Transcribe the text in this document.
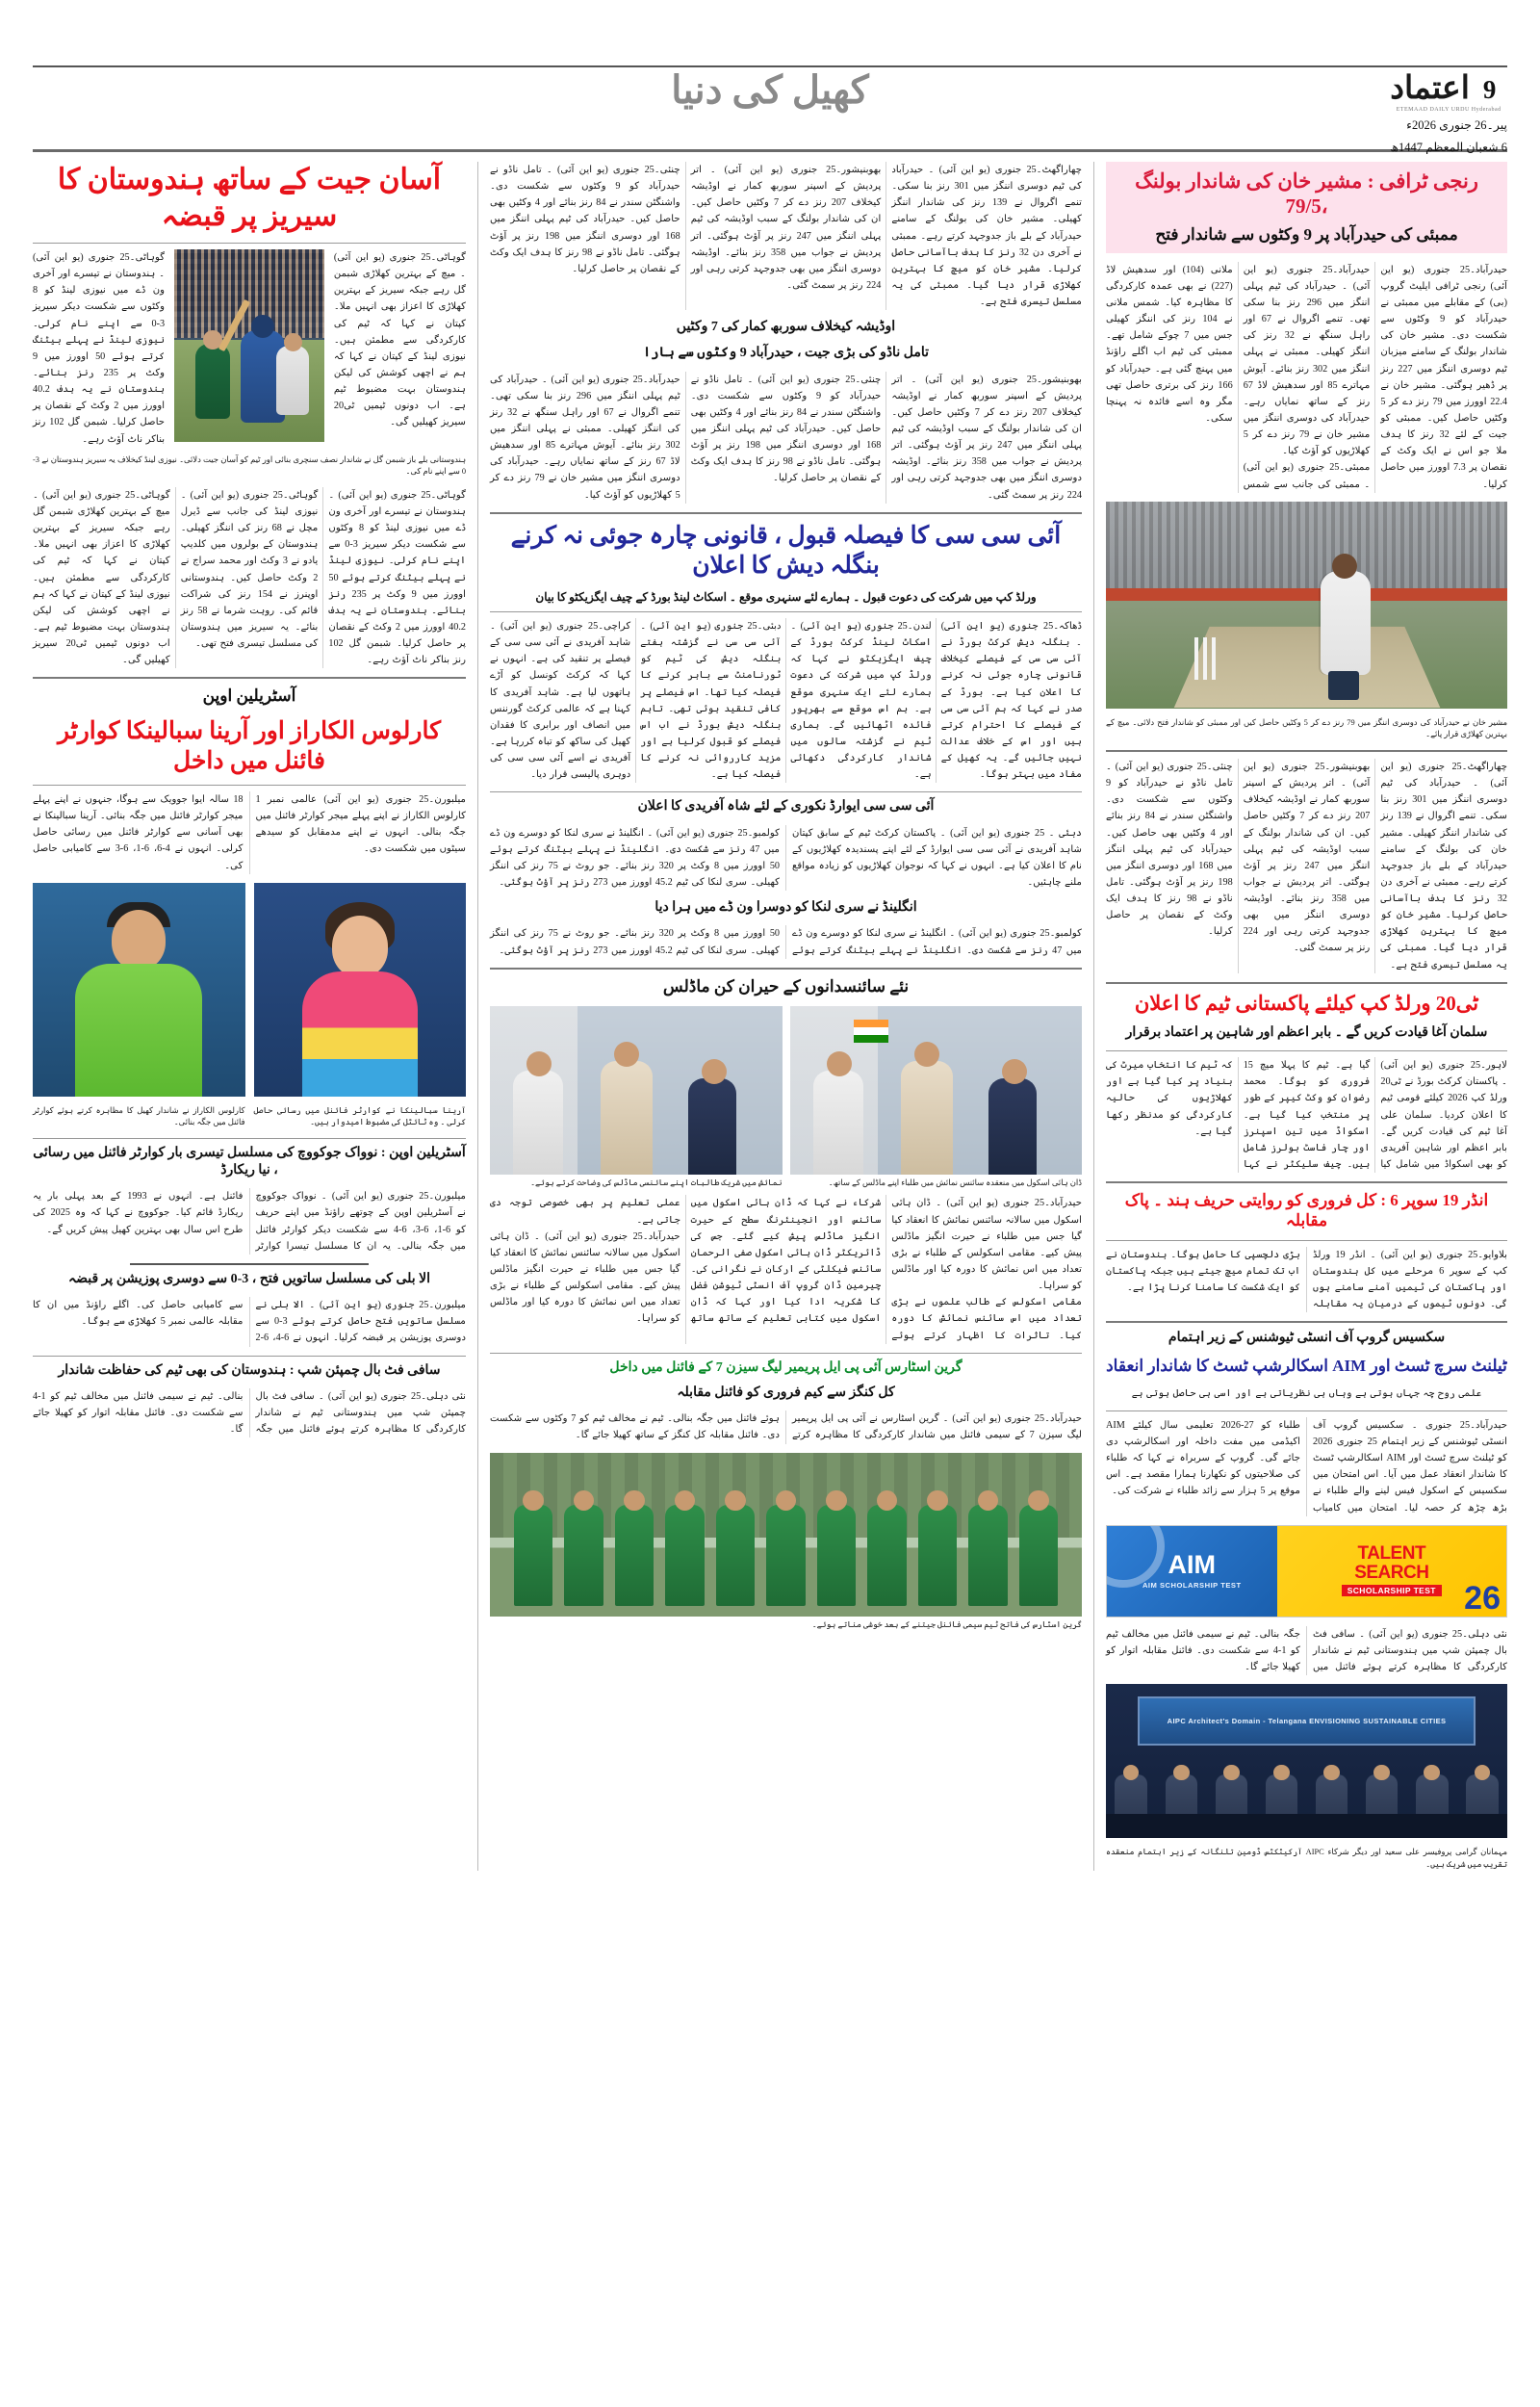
کھیل کی دنیا	اعتماد 9
ETEMAAD DAILY URDU Hyderabad
پیر۔26 جنوری 2026ء
6 شعبان المعظم 1447ھ
رنجی ٹرافی : مشیر خان کی شاندار بولنگ ،79/5
ممبئی کی حیدرآباد پر 9 وکٹوں سے شاندار فتح

حیدرآباد۔25 جنوری (یو این آئی) رنجی ٹرافی ایلیٹ گروپ (بی) کے مقابلے میں ممبئی نے حیدرآباد کو 9 وکٹوں سے شکست دی۔ مشیر خان کی شاندار بولنگ کے سامنے میزبان ٹیم دوسری اننگز میں 227 رنز پر ڈھیر ہوگئی۔ مشیر خان نے 22.4 اوورز میں 79 رنز دے کر 5 وکٹیں حاصل کیں۔ ممبئی کو جیت کے لئے 32 رنز کا ہدف ملا جو اس نے ایک وکٹ کے نقصان پر 7.3 اوورز میں حاصل کرلیا۔

حیدرآباد۔25 جنوری (یو این آئی) ۔ حیدرآباد کی ٹیم پہلی اننگز میں 296 رنز بنا سکی تھی۔ تنمے اگروال نے 67 اور راہل سنگھ نے 32 رنز کی اننگز کھیلی۔ ممبئی نے پہلی اننگز میں 302 رنز بنائے۔ آیوش مہاترے 85 اور سدھیش لاڈ 67 رنز کے ساتھ نمایاں رہے۔ حیدرآباد کی دوسری اننگز میں مشیر خان نے 79 رنز دے کر 5 کھلاڑیوں کو آؤٹ کیا۔

ممبئی۔25 جنوری (یو این آئی) ۔ ممبئی کی جانب سے شمس ملانی (104) اور سدھیش لاڈ (227) نے بھی عمدہ کارکردگی کا مظاہرہ کیا۔ شمس ملانی نے 104 رنز کی اننگز کھیلی جس میں 7 چوکے شامل تھے۔ ممبئی کی ٹیم اب اگلے راؤنڈ میں پہنچ گئی ہے۔ حیدرآباد کو 166 رنز کی برتری حاصل تھی مگر وہ اسے فائدہ نہ پہنچا سکی۔

مشیر خان نے حیدرآباد کی دوسری اننگز میں 79 رنز دے کر 5 وکٹیں حاصل کیں اور ممبئی کو شاندار فتح دلائی۔ میچ کے بہترین کھلاڑی قرار پائے۔

چھاراگھٹ۔25 جنوری (یو این آئی) ۔ حیدرآباد کی ٹیم دوسری اننگز میں 301 رنز بنا سکی۔ تنمے اگروال نے 139 رنز کی شاندار اننگز کھیلی۔ مشیر خان کی بولنگ کے سامنے حیدرآباد کے بلے باز جدوجہد کرتے رہے۔ ممبئی نے آخری دن 32 رنز کا ہدف باآسانی حاصل کرلیا۔ مشیر خان کو میچ کا بہترین کھلاڑی قرار دیا گیا۔ ممبئی کی یہ مسلسل تیسری فتح ہے۔

بھوبنیشور۔25 جنوری (یو این آئی) ۔ اتر پردیش کے اسپنر سوربھ کمار نے اوڈیشہ کیخلاف 207 رنز دے کر 7 وکٹیں حاصل کیں۔ ان کی شاندار بولنگ کے سبب اوڈیشہ کی ٹیم پہلی اننگز میں 247 رنز پر آؤٹ ہوگئی۔ اتر پردیش نے جواب میں 358 رنز بنائے۔ اوڈیشہ دوسری اننگز میں بھی جدوجہد کرتی رہی اور 224 رنز پر سمٹ گئی۔

چنئی۔25 جنوری (یو این آئی) ۔ تامل ناڈو نے حیدرآباد کو 9 وکٹوں سے شکست دی۔ واشنگٹن سندر نے 84 رنز بنائے اور 4 وکٹیں بھی حاصل کیں۔ حیدرآباد کی ٹیم پہلی اننگز میں 168 اور دوسری اننگز میں 198 رنز پر آؤٹ ہوگئی۔ تامل ناڈو نے 98 رنز کا ہدف ایک وکٹ کے نقصان پر حاصل کرلیا۔

ٹی20 ورلڈ کپ کیلئے پاکستانی ٹیم کا اعلان
سلمان آغا قیادت کریں گے ۔ بابر اعظم اور شاہین پر اعتماد برقرار

لاہور۔25 جنوری (یو این آئی) ۔ پاکستان کرکٹ بورڈ نے ٹی20 ورلڈ کپ 2026 کیلئے قومی ٹیم کا اعلان کردیا۔ سلمان علی آغا ٹیم کی قیادت کریں گے۔ بابر اعظم اور شاہین آفریدی کو بھی اسکواڈ میں شامل کیا گیا ہے۔ ٹیم کا پہلا میچ 15 فروری کو ہوگا۔ محمد رضوان کو وکٹ کیپر کے طور پر منتخب کیا گیا ہے۔ اسکواڈ میں تین اسپنرز اور چار فاسٹ بولرز شامل ہیں۔ چیف سلیکٹر نے کہا کہ ٹیم کا انتخاب میرٹ کی بنیاد پر کیا گیا ہے اور کھلاڑیوں کی حالیہ کارکردگی کو مدنظر رکھا گیا ہے۔

انڈر 19 سوپر 6 : کل فروری کو روایتی حریف ہند ۔ پاک مقابلہ

بلاوایو۔25 جنوری (یو این آئی) ۔ انڈر 19 ورلڈ کپ کے سوپر 6 مرحلے میں کل ہندوستان اور پاکستان کی ٹیمیں آمنے سامنے ہوں گی۔ دونوں ٹیموں کے درمیان یہ مقابلہ بڑی دلچسپی کا حامل ہوگا۔ ہندوستان نے اب تک تمام میچ جیتے ہیں جبکہ پاکستان کو ایک شکست کا سامنا کرنا پڑا ہے۔

سکسیس گروپ آف انسٹی ٹیوشنس کے زیر اہتمام
ٹیلنٹ سرچ ٹسٹ اور AIM اسکالرشپ ٹسٹ کا شاندار انعقاد
علمی روح چہ جہاں ہوتی ہے وہاں ہی نظریاتی ہے اور اسی ہی حاصل ہوتی ہے

حیدرآباد۔25 جنوری ۔ سکسیس گروپ آف انسٹی ٹیوشنس کے زیر اہتمام 25 جنوری 2026 کو ٹیلنٹ سرچ ٹسٹ اور AIM اسکالرشپ ٹسٹ کا شاندار انعقاد عمل میں آیا۔ اس امتحان میں سکسیس کے اسکول فیس لینے والے طلباء نے بڑھ چڑھ کر حصہ لیا۔ امتحان میں کامیاب طلباء کو 27-2026 تعلیمی سال کیلئے AIM اکیڈمی میں مفت داخلہ اور اسکالرشپ دی جائے گی۔ گروپ کے سربراہ نے کہا کہ طلباء کی صلاحیتوں کو نکھارنا ہمارا مقصد ہے۔ اس موقع پر 5 ہزار سے زائد طلباء نے شرکت کی۔

TALENT
SEARCH
SCHOLARSHIP TEST 26
AIM
AIM SCHOLARSHIP TEST

نئی دہلی۔25 جنوری (یو این آئی) ۔ سافی فٹ بال چمپئن شپ میں ہندوستانی ٹیم نے شاندار کارکردگی کا مظاہرہ کرتے ہوئے فائنل میں جگہ بنالی۔ ٹیم نے سیمی فائنل میں مخالف ٹیم کو 1-4 سے شکست دی۔ فائنل مقابلہ اتوار کو کھیلا جائے گا۔

AIPC Architect's Domain - Telangana ENVISIONING SUSTAINABLE CITIES
مہمانان گرامی پروفیسر علی سعید اور دیگر شرکاء AIPC آرکیٹکٹس ڈومین تلنگانہ کے زیر اہتمام منعقدہ تقریب میں شریک ہیں۔

چھاراگھٹ۔25 جنوری (یو این آئی) ۔ حیدرآباد کی ٹیم دوسری اننگز میں 301 رنز بنا سکی۔ تنمے اگروال نے 139 رنز کی شاندار اننگز کھیلی۔ مشیر خان کی بولنگ کے سامنے حیدرآباد کے بلے باز جدوجہد کرتے رہے۔ ممبئی نے آخری دن 32 رنز کا ہدف باآسانی حاصل کرلیا۔ مشیر خان کو میچ کا بہترین کھلاڑی قرار دیا گیا۔ ممبئی کی یہ مسلسل تیسری فتح ہے۔

بھوبنیشور۔25 جنوری (یو این آئی) ۔ اتر پردیش کے اسپنر سوربھ کمار نے اوڈیشہ کیخلاف 207 رنز دے کر 7 وکٹیں حاصل کیں۔ ان کی شاندار بولنگ کے سبب اوڈیشہ کی ٹیم پہلی اننگز میں 247 رنز پر آؤٹ ہوگئی۔ اتر پردیش نے جواب میں 358 رنز بنائے۔ اوڈیشہ دوسری اننگز میں بھی جدوجہد کرتی رہی اور 224 رنز پر سمٹ گئی۔

چنئی۔25 جنوری (یو این آئی) ۔ تامل ناڈو نے حیدرآباد کو 9 وکٹوں سے شکست دی۔ واشنگٹن سندر نے 84 رنز بنائے اور 4 وکٹیں بھی حاصل کیں۔ حیدرآباد کی ٹیم پہلی اننگز میں 168 اور دوسری اننگز میں 198 رنز پر آؤٹ ہوگئی۔ تامل ناڈو نے 98 رنز کا ہدف ایک وکٹ کے نقصان پر حاصل کرلیا۔

اوڈیشہ کیخلاف سوربھ کمار کی 7 وکٹیں
تامل ناڈو کی بڑی جیت ، حیدرآباد 9 وکٹوں سے ہارا

بھوبنیشور۔25 جنوری (یو این آئی) ۔ اتر پردیش کے اسپنر سوربھ کمار نے اوڈیشہ کیخلاف 207 رنز دے کر 7 وکٹیں حاصل کیں۔ ان کی شاندار بولنگ کے سبب اوڈیشہ کی ٹیم پہلی اننگز میں 247 رنز پر آؤٹ ہوگئی۔ اتر پردیش نے جواب میں 358 رنز بنائے۔ اوڈیشہ دوسری اننگز میں بھی جدوجہد کرتی رہی اور 224 رنز پر سمٹ گئی۔

چنئی۔25 جنوری (یو این آئی) ۔ تامل ناڈو نے حیدرآباد کو 9 وکٹوں سے شکست دی۔ واشنگٹن سندر نے 84 رنز بنائے اور 4 وکٹیں بھی حاصل کیں۔ حیدرآباد کی ٹیم پہلی اننگز میں 168 اور دوسری اننگز میں 198 رنز پر آؤٹ ہوگئی۔ تامل ناڈو نے 98 رنز کا ہدف ایک وکٹ کے نقصان پر حاصل کرلیا۔

حیدرآباد۔25 جنوری (یو این آئی) ۔ حیدرآباد کی ٹیم پہلی اننگز میں 296 رنز بنا سکی تھی۔ تنمے اگروال نے 67 اور راہل سنگھ نے 32 رنز کی اننگز کھیلی۔ ممبئی نے پہلی اننگز میں 302 رنز بنائے۔ آیوش مہاترے 85 اور سدھیش لاڈ 67 رنز کے ساتھ نمایاں رہے۔ حیدرآباد کی دوسری اننگز میں مشیر خان نے 79 رنز دے کر 5 کھلاڑیوں کو آؤٹ کیا۔

آئی سی سی کا فیصلہ قبول ، قانونی چارہ جوئی نہ کرنے بنگلہ دیش کا اعلان
ورلڈ کپ میں شرکت کی دعوت قبول ۔ ہمارے لئے سنہری موقع ۔ اسکاٹ لینڈ بورڈ کے چیف ایگزیکٹو کا بیان

ڈھاکہ۔25 جنوری (یو این آئی) ۔ بنگلہ دیش کرکٹ بورڈ نے آئی سی سی کے فیصلے کیخلاف قانونی چارہ جوئی نہ کرنے کا اعلان کیا ہے۔ بورڈ کے صدر نے کہا کہ ہم آئی سی سی کے فیصلے کا احترام کرتے ہیں اور اس کے خلاف عدالت نہیں جائیں گے۔ یہ کھیل کے مفاد میں بہتر ہوگا۔

لندن۔25 جنوری (یو این آئی) ۔ اسکاٹ لینڈ کرکٹ بورڈ کے چیف ایگزیکٹو نے کہا کہ ورلڈ کپ میں شرکت کی دعوت ہمارے لئے ایک سنہری موقع ہے۔ ہم اس موقع سے بھرپور فائدہ اٹھائیں گے۔ ہماری ٹیم نے گزشتہ سالوں میں شاندار کارکردگی دکھائی ہے۔

دبئی۔25 جنوری (یو این آئی) ۔ آئی سی سی نے گزشتہ ہفتے بنگلہ دیش کی ٹیم کو ٹورنامنٹ سے باہر کرنے کا فیصلہ کیا تھا۔ اس فیصلے پر کافی تنقید ہوئی تھی۔ تاہم بنگلہ دیش بورڈ نے اب اس فیصلے کو قبول کرلیا ہے اور مزید کارروائی نہ کرنے کا فیصلہ کیا ہے۔

کراچی۔25 جنوری (یو این آئی) ۔ شاہد آفریدی نے آئی سی سی کے فیصلے پر تنقید کی ہے۔ انہوں نے کہا کہ کرکٹ کونسل کو آڑے ہاتھوں لیا ہے۔ شاہد آفریدی کا کہنا ہے کہ عالمی کرکٹ گورننس میں انصاف اور برابری کا فقدان کھیل کی ساکھ کو تباہ کررہا ہے۔ آفریدی نے اسے آئی سی سی کی دوہری پالیسی قرار دیا۔

آئی سی سی ایوارڈ نکوری کے لئے شاہ آفریدی کا اعلان

دبئی ۔ 25 جنوری (یو این آئی) ۔ پاکستان کرکٹ ٹیم کے سابق کپتان شاہد آفریدی نے آئی سی سی ایوارڈ کے لئے اپنے پسندیدہ کھلاڑیوں کے نام کا اعلان کیا ہے۔ انہوں نے کہا کہ نوجوان کھلاڑیوں کو زیادہ مواقع ملنے چاہئیں۔

کولمبو۔25 جنوری (یو این آئی) ۔ انگلینڈ نے سری لنکا کو دوسرے ون ڈے میں 47 رنز سے شکست دی۔ انگلینڈ نے پہلے بیٹنگ کرتے ہوئے 50 اوورز میں 8 وکٹ پر 320 رنز بنائے۔ جو روٹ نے 75 رنز کی اننگز کھیلی۔ سری لنکا کی ٹیم 45.2 اوورز میں 273 رنز پر آؤٹ ہوگئی۔

انگلینڈ نے سری لنکا کو دوسرا ون ڈے میں ہرا دیا

کولمبو۔25 جنوری (یو این آئی) ۔ انگلینڈ نے سری لنکا کو دوسرے ون ڈے میں 47 رنز سے شکست دی۔ انگلینڈ نے پہلے بیٹنگ کرتے ہوئے 50 اوورز میں 8 وکٹ پر 320 رنز بنائے۔ جو روٹ نے 75 رنز کی اننگز کھیلی۔ سری لنکا کی ٹیم 45.2 اوورز میں 273 رنز پر آؤٹ ہوگئی۔

نئے سائنسدانوں کے حیران کن ماڈلس
ڈان ہائی اسکول میں منعقدہ سائنس نمائش میں طلباء اپنے ماڈلس کے ساتھ۔
نمائش میں شریک طالبات اپنے سائنسی ماڈلس کی وضاحت کرتے ہوئے۔

حیدرآباد۔25 جنوری (یو این آئی) ۔ ڈان ہائی اسکول میں سالانہ سائنس نمائش کا انعقاد کیا گیا جس میں طلباء نے حیرت انگیز ماڈلس پیش کیے۔ مقامی اسکولس کے طلباء نے بڑی تعداد میں اس نمائش کا دورہ کیا اور ماڈلس کو سراہا۔

مقامی اسکولس کے طالب علموں نے بڑی تعداد میں اس سائنس نمائش کا دورہ کیا۔ تاثرات کا اظہار کرتے ہوئے شرکاء نے کہا کہ ڈان ہائی اسکول میں سائنس اور انجینئرنگ سطح کے حیرت انگیز ماڈلس پیش کیے گئے۔ جس کی ڈائریکٹر ڈان ہائی اسکول صفی الرحمان سائنس فیکلٹی کے ارکان نے نگرانی کی۔ چیرمین ڈان گروپ آف انسٹی ٹیوشن فضل کا شکریہ ادا کیا اور کہا کہ ڈان اسکول میں کتابی تعلیم کے ساتھ ساتھ عملی تعلیم پر بھی خصوصی توجہ دی جاتی ہے۔

حیدرآباد۔25 جنوری (یو این آئی) ۔ ڈان ہائی اسکول میں سالانہ سائنس نمائش کا انعقاد کیا گیا جس میں طلباء نے حیرت انگیز ماڈلس پیش کیے۔ مقامی اسکولس کے طلباء نے بڑی تعداد میں اس نمائش کا دورہ کیا اور ماڈلس کو سراہا۔

گرین اسٹارس آئی پی ایل پریمیر لیگ سیزن 7 کے فائنل میں داخل
کل کنگز سے کیم فروری کو فائنل مقابلہ

حیدرآباد۔25 جنوری (یو این آئی) ۔ گرین اسٹارس نے آئی پی ایل پریمیر لیگ سیزن 7 کے سیمی فائنل میں شاندار کارکردگی کا مظاہرہ کرتے ہوئے فائنل میں جگہ بنالی۔ ٹیم نے مخالف ٹیم کو 7 وکٹوں سے شکست دی۔ فائنل مقابلہ کل کنگز کے ساتھ کھیلا جائے گا۔

گرین اسٹارس کی فاتح ٹیم سیمی فائنل جیتنے کے بعد خوشی مناتے ہوئے۔
آسان جیت کے ساتھ ہندوستان کا سیریز پر قبضہ
گوہاٹی۔25 جنوری (یو این آئی) ۔ میچ کے بہترین کھلاڑی شبمن گل رہے جبکہ سیریز کے بہترین کھلاڑی کا اعزاز بھی انہیں ملا۔ کپتان نے کہا کہ ٹیم کی کارکردگی سے مطمئن ہیں۔ نیوزی لینڈ کے کپتان نے کہا کہ ہم نے اچھی کوشش کی لیکن ہندوستان بہت مضبوط ٹیم ہے۔ اب دونوں ٹیمیں ٹی20 سیریز کھیلیں گی۔
گوہاٹی۔25 جنوری (یو این آئی) ۔ ہندوستان نے تیسرے اور آخری ون ڈے میں نیوزی لینڈ کو 8 وکٹوں سے شکست دیکر سیریز 3-0 سے اپنے نام کرلی۔ نیوزی لینڈ نے پہلے بیٹنگ کرتے ہوئے 50 اوورز میں 9 وکٹ پر 235 رنز بنائے۔ ہندوستان نے یہ ہدف 40.2 اوورز میں 2 وکٹ کے نقصان پر حاصل کرلیا۔ شبمن گل 102 رنز بناکر ناٹ آؤٹ رہے۔
ہندوستانی بلے باز شبمن گل نے شاندار نصف سنچری بنائی اور ٹیم کو آسان جیت دلائی۔ نیوزی لینڈ کیخلاف یہ سیریز ہندوستان نے 3-0 سے اپنے نام کی۔

گوہاٹی۔25 جنوری (یو این آئی) ۔ ہندوستان نے تیسرے اور آخری ون ڈے میں نیوزی لینڈ کو 8 وکٹوں سے شکست دیکر سیریز 3-0 سے اپنے نام کرلی۔ نیوزی لینڈ نے پہلے بیٹنگ کرتے ہوئے 50 اوورز میں 9 وکٹ پر 235 رنز بنائے۔ ہندوستان نے یہ ہدف 40.2 اوورز میں 2 وکٹ کے نقصان پر حاصل کرلیا۔ شبمن گل 102 رنز بناکر ناٹ آؤٹ رہے۔

گوہاٹی۔25 جنوری (یو این آئی) ۔ نیوزی لینڈ کی جانب سے ڈیرل مچل نے 68 رنز کی اننگز کھیلی۔ ہندوستان کے بولروں میں کلدیپ یادو نے 3 وکٹ اور محمد سراج نے 2 وکٹ حاصل کیں۔ ہندوستانی اوپنرز نے 154 رنز کی شراکت قائم کی۔ روہت شرما نے 58 رنز بنائے۔ یہ سیریز میں ہندوستان کی مسلسل تیسری فتح تھی۔

گوہاٹی۔25 جنوری (یو این آئی) ۔ میچ کے بہترین کھلاڑی شبمن گل رہے جبکہ سیریز کے بہترین کھلاڑی کا اعزاز بھی انہیں ملا۔ کپتان نے کہا کہ ٹیم کی کارکردگی سے مطمئن ہیں۔ نیوزی لینڈ کے کپتان نے کہا کہ ہم نے اچھی کوشش کی لیکن ہندوستان بہت مضبوط ٹیم ہے۔ اب دونوں ٹیمیں ٹی20 سیریز کھیلیں گی۔

آسٹریلین اوپن
کارلوس الکاراز اور آرینا سبالینکا کوارٹر فائنل میں داخل

میلبورن۔25 جنوری (یو این آئی) عالمی نمبر 1 کارلوس الکاراز نے اپنے پہلے میجر کوارٹر فائنل میں جگہ بنالی۔ انہوں نے اپنے مدمقابل کو سیدھے سیٹوں میں شکست دی۔

18 سالہ ایوا جوویک سے ہوگا، جنہوں نے اپنے پہلے میجر کوارٹر فائنل میں جگہ بنائی۔ آرینا سبالینکا نے بھی آسانی سے کوارٹر فائنل میں رسائی حاصل کرلی۔ انہوں نے 4-6، 6-1، 6-3 سے کامیابی حاصل کی۔

آرینا سبالینکا نے کوارٹر فائنل میں رسائی حاصل کرلی ۔ وہ ٹائٹل کی مضبوط امیدوار ہیں۔
کارلوس الکاراز نے شاندار کھیل کا مظاہرہ کرتے ہوئے کوارٹر فائنل میں جگہ بنائی۔
آسٹریلین اوپن : نوواک جوکووچ کی مسلسل تیسری بار کوارٹر فائنل میں رسائی ، نیا ریکارڈ

میلبورن۔25 جنوری (یو این آئی) ۔ نوواک جوکووچ نے آسٹریلین اوپن کے چوتھے راؤنڈ میں اپنے حریف کو 6-1، 6-3، 6-4 سے شکست دیکر کوارٹر فائنل میں جگہ بنالی۔ یہ ان کا مسلسل تیسرا کوارٹر فائنل ہے۔ انہوں نے 1993 کے بعد پہلی بار یہ ریکارڈ قائم کیا۔ جوکووچ نے کہا کہ وہ 2025 کی طرح اس سال بھی بہترین کھیل پیش کریں گے۔

الا بلی کی مسلسل ساتویں فتح ، 3-0 سے دوسری پوزیشن پر قبضہ

میلبورن۔25 جنوری (یو این آئی) ۔ الا بلی نے مسلسل ساتویں فتح حاصل کرتے ہوئے 3-0 سے دوسری پوزیشن پر قبضہ کرلیا۔ انہوں نے 6-4، 6-2 سے کامیابی حاصل کی۔ اگلے راؤنڈ میں ان کا مقابلہ عالمی نمبر 5 کھلاڑی سے ہوگا۔

سافی فٹ بال چمپئن شپ : ہندوستان کی بھی ٹیم کی حفاظت شاندار

نئی دہلی۔25 جنوری (یو این آئی) ۔ سافی فٹ بال چمپئن شپ میں ہندوستانی ٹیم نے شاندار کارکردگی کا مظاہرہ کرتے ہوئے فائنل میں جگہ بنالی۔ ٹیم نے سیمی فائنل میں مخالف ٹیم کو 1-4 سے شکست دی۔ فائنل مقابلہ اتوار کو کھیلا جائے گا۔
